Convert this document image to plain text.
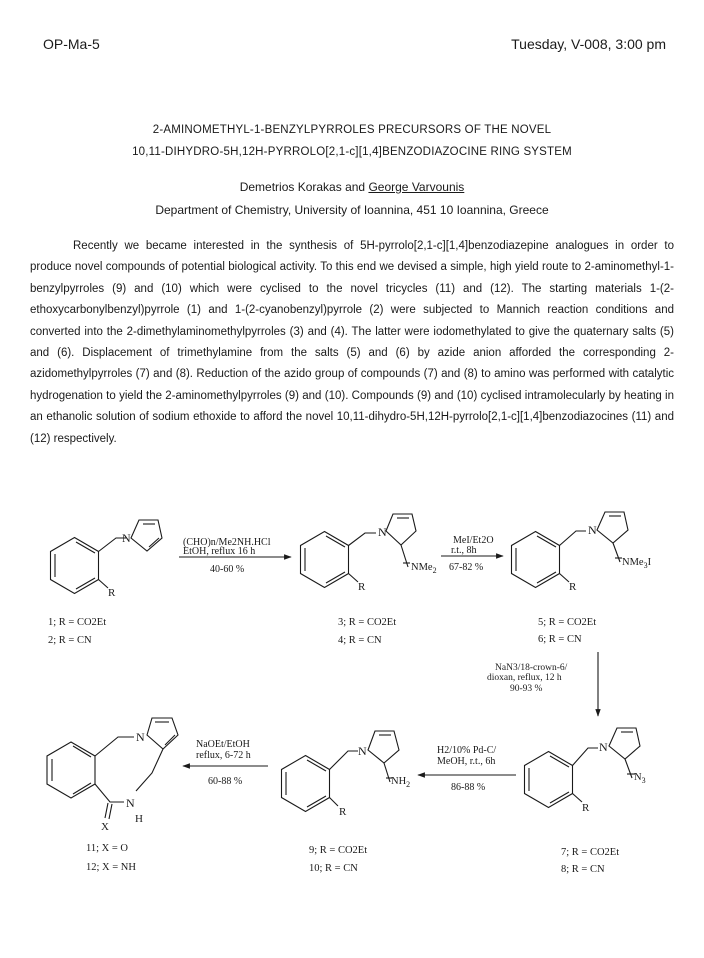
OP-Ma-5	Tuesday, V-008, 3:00 pm
2-AMINOMETHYL-1-BENZYLPYRROLES PRECURSORS OF THE NOVEL
10,11-DIHYDRO-5H,12H-PYRROLO[2,1-c][1,4]BENZODIAZOCINE RING SYSTEM
Demetrios Korakas and George Varvounis
Department of Chemistry, University of Ioannina, 451 10 Ioannina, Greece

Recently we became interested in the synthesis of 5H-pyrrolo[2,1-c][1,4]benzodiazepine analogues in order to produce novel compounds of potential biological activity. To this end we devised a simple, high yield route to 2-aminomethyl-1-benzylpyrroles (9) and (10) which were cyclised to the novel tricycles (11) and (12). The starting materials 1-(2-ethoxycarbonylbenzyl)pyrrole (1) and 1-(2-cyanobenzyl)pyrrole (2) were subjected to Mannich reaction conditions and converted into the 2-dimethylaminomethylpyrroles (3) and (4). The latter were iodomethylated to give the quaternary salts (5) and (6). Displacement of trimethylamine from the salts (5) and (6) by azide anion afforded the corresponding 2-azidomethylpyrroles (7) and (8). Reduction of the azido group of compounds (7) and (8) to amino was performed with catalytic hydrogenation to yield the 2-aminomethylpyrroles (9) and (10). Compounds (9) and (10) cyclised intramolecularly by heating in an ethanolic solution of sodium ethoxide to afford the novel 10,11-dihydro-5H,12H-pyrrolo[2,1-c][1,4]benzodiazocines (11) and (12) respectively.

N
R
(CHO)n/Me2NH.HCl
EtOH, reflux 16 h
40-60 %
N
R
NMe$_2$
MeI/Et2O
r.t., 8h
67-82 %
N
R
NMe$_3$I
1; R = CO2Et
2; R = CN
3; R = CO2Et
4; R = CN
5; R = CO2Et
6; R = CN
NaN3/18-crown-6/
dioxan, reflux, 12 h
90-93 %
N
R
$N_3$
H2/10% Pd-C/
MeOH, r.t., 6h
86-88 %
N
R
$NH_2$
NaOEt/EtOH
reflux, 6-72 h
60-88 %
N
N
H
X
11; X = O
12; X = NH
9; R = CO2Et
10; R = CN
7; R = CO2Et
8; R = CN
